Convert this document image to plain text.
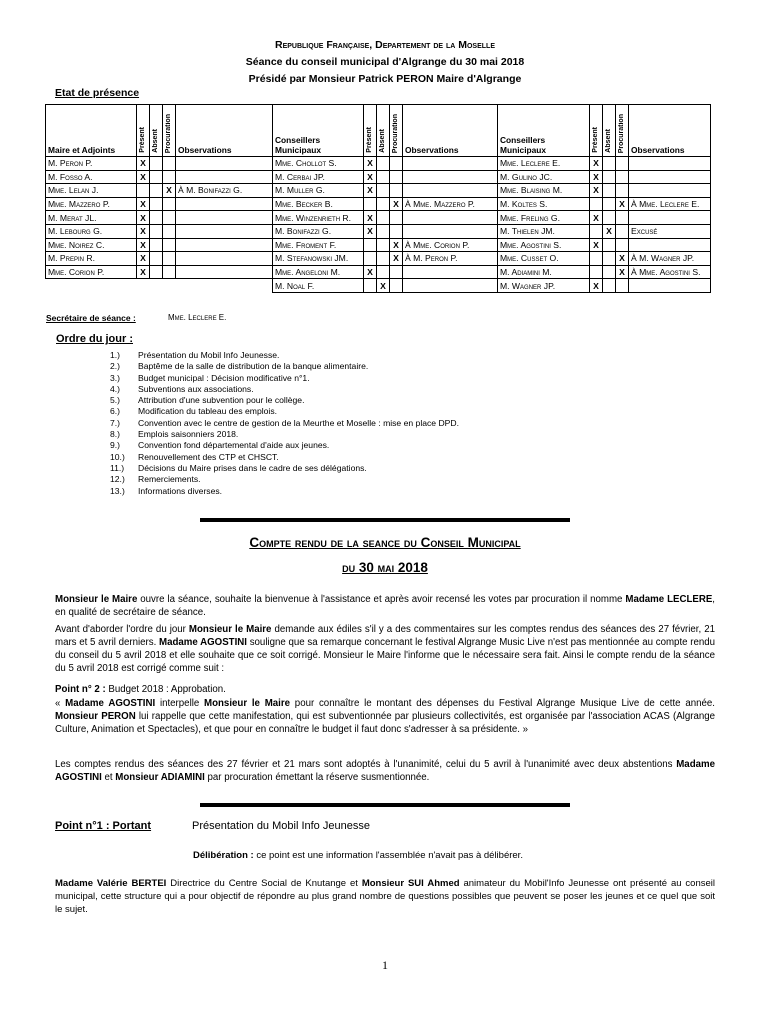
Republique Française, Departement de la Moselle
Séance du conseil municipal d'Algrange du 30 mai 2018
Présidé par Monsieur Patrick PERON Maire d'Algrange
Etat de présence
Maire et Adjoints	Présent	Absent	Procuration	Observations	Conseillers Municipaux	Présent	Absent	Procuration	Observations	Conseillers Municipaux	Présent	Absent	Procuration	Observations
M. Peron P.	X				Mme. Chollot S.	X				Mme. Leclere E.	X			
M. Fosso A.	X				M. Cerbai JP.	X				M. Gulino JC.	X			
Mme. Lelan J.			X	À M. Bonifazzi G.	M. Muller G.	X				Mme. Blaising M.	X			
Mme. Mazzero P.	X				Mme. Becker B.			X	À Mme. Mazzero P.	M. Koltes S.			X	À Mme. Leclere E.
M. Merat JL.	X				Mme. Winzenrieth R.	X				Mme. Freling G.	X			
M. Lebourg G.	X				M. Bonifazzi G.	X				M. Thielen JM.		X		Excusé
Mme. Noirez C.	X				Mme. Froment F.			X	À Mme. Corion P.	Mme. Agostini S.	X			
M. Prepin R.	X				M. Stefanowski JM.			X	À M. Peron P.	Mme. Cusset O.			X	À M. Wagner JP.
Mme. Corion P.	X				Mme. Angeloni M.	X				M. Adiamini M.			X	À Mme. Agostini S.
					M. Noal F.		X			M. Wagner JP.	X			
Secrétaire de séance :	Mme. Leclere E.
Ordre du jour :
1.)	Présentation du Mobil Info Jeunesse.
2.)	Baptême de la salle de distribution de la banque alimentaire.
3.)	Budget municipal : Décision modificative n°1.
4.)	Subventions aux associations.
5.)	Attribution d'une subvention pour le collège.
6.)	Modification du tableau des emplois.
7.)	Convention avec le centre de gestion de la Meurthe et Moselle : mise en place DPD.
8.)	Emplois saisonniers 2018.
9.)	Convention fond départemental d'aide aux jeunes.
10.)	Renouvellement des CTP et CHSCT.
11.)	Décisions du Maire prises dans le cadre de ses délégations.
12.)	Remerciements.
13.)	Informations diverses.
Compte rendu de la seance du Conseil Municipal
du 30 mai 2018
Monsieur le Maire ouvre la séance, souhaite la bienvenue à l'assistance et après avoir recensé les votes par procuration il nomme Madame LECLERE, en qualité de secrétaire de séance.
Avant d'aborder l'ordre du jour Monsieur le Maire demande aux édiles s'il y a des commentaires sur les comptes rendus des séances des 27 février, 21 mars et 5 avril derniers. Madame AGOSTINI souligne que sa remarque concernant le festival Algrange Music Live n'est pas mentionnée au compte rendu du conseil du 5 avril 2018 et elle souhaite que ce soit corrigé. Monsieur le Maire l'informe que le nécessaire sera fait. Ainsi le compte rendu de la séance du 5 avril 2018 est corrigé comme suit :
Point n° 2 : Budget 2018 : Approbation.
« Madame AGOSTINI interpelle Monsieur le Maire pour connaître le montant des dépenses du Festival Algrange Musique Live de cette année. Monsieur PERON lui rappelle que cette manifestation, qui est subventionnée par plusieurs collectivités, est organisée par l'association ACAS (Algrange Culture, Animation et Spectacles), et que pour en connaître le budget il faut donc s'adresser à sa présidente. »
Les comptes rendus des séances des 27 février et 21 mars sont adoptés à l'unanimité, celui du 5 avril à l'unanimité avec deux abstentions Madame AGOSTINI et Monsieur ADIAMINI par procuration émettant la réserve susmentionnée.
Point n°1 : Portant	Présentation du Mobil Info Jeunesse
Délibération : ce point est une information l'assemblée n'avait pas à délibérer.
Madame Valérie BERTEI Directrice du Centre Social de Knutange et Monsieur SUI Ahmed animateur du Mobil'Info Jeunesse ont présenté au conseil municipal, cette structure qui a pour objectif de répondre au plus grand nombre de questions possibles que peuvent se poser les jeunes et ce quel que soit le sujet.
1
